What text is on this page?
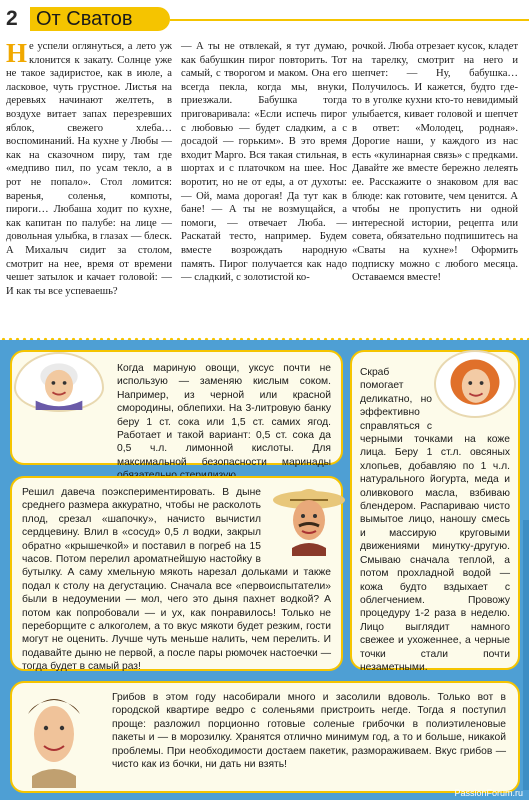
2 От Сватов
Не успели оглянуться, а лето уж клонится к закату. Солнце уже не такое задиристое, как в июле, а ласковое, чуть грустное. Листья на деревьях начинают желтеть, в воздухе витает запах перезревших яблок, свежего хлеба… воспоминаний. На кухне у Любы — как на сказочном пиру, там где «медпиво пил, по усам текло, а в рот не попало». Стол ломится: варенья, соленья, компоты, пироги… Любаша ходит по кухне, как капитан по палубе: на лице — довольная улыбка, в глазах — блеск. А Михалыч сидит за столом, смотрит на нее, время от времени чешет затылок и качает головой: — И как ты все успеваешь?
— А ты не отвлекай, я тут думаю, как бабушкин пирог повторить. Тот самый, с творогом и маком. Она его всегда пекла, когда мы, внуки, приезжали. Бабушка тогда приговаривала: «Если испечь пирог с любовью — будет сладким, а с досадой — горьким». В это время входит Марго. Вся такая стильная, в шортах и с платочком на шее. Нос воротит, но не от еды, а от духоты: — Ой, мама дорогая! Да тут как в бане! — А ты не возмущайся, а помоги, — отвечает Люба. — Раскатай тесто, например. Будем вместе возрождать народную память. Пирог получается как надо — сладкий, с золотистой ко-
рочкой. Люба отрезает кусок, кладет на тарелку, смотрит на него и шепчет: — Ну, бабушка… Получилось. И кажется, будто где-то в уголке кухни кто-то невидимый улыбается, кивает головой и шепчет в ответ: «Молодец, родная». Дорогие наши, у каждого из нас есть «кулинарная связь» с предками. Давайте же вместе бережно лелеять ее. Расскажите о знаковом для вас блюде: как готовите, чем ценится. А чтобы не пропустить ни одной интересной истории, рецепта или совета, обязательно подпишитесь на «Сваты на кухне»! Оформить подписку можно с любого месяца. Оставаемся вместе!

Когда мариную овощи, уксус почти не использую — заменяю кислым соком. Например, из черной или красной смородины, облепихи. На 3-литровую банку беру 1 ст. сока или 1,5 ст. самих ягод. Работает и такой вариант: 0,5 ст. сока да 0,5 ч.л. лимонной кислоты. Для максимальной безопасности маринады

Решил давеча поэкспериментировать. В дыне среднего размера аккуратно, чтобы не расколоть плод, срезал «шапочку», начисто вычистил сердцевину. Влил в «сосуд» 0,5 л водки, закрыл обратно «крышечкой» и поставил в погреб на 15 часов. Потом перелил ароматнейшую настойку в бутылку. А саму хмельную мякоть нарезал дольками и также подал к столу на дегустацию. Сначала все «первоиспытатели» были в недоумении — мол, чего это дыня пахнет водкой? А потом как попробовали — и ух, как понравилось! Только не переборщите с алкоголем, а то вкус мякоти будет резким, гости могут не оценить. Лучше чуть меньше налить, чем перелить. И подавайте дыню не первой, а после пары рюмочек настоечки — тогда будет в самый раз!

Скраб помогает деликатно, но эффективно справляться с черными точками на коже лица. Беру 1 ст.л. овсяных хлопьев, добавляю по 1 ч.л. натурального йогурта, меда и оливкового масла, взбиваю блендером. Распариваю чисто вымытое лицо, наношу смесь и массирую круговыми движениями минутку-другую. Смываю сначала теплой, а потом прохладной водой — кожа будто вздыхает с облегчением. Провожу процедуру 1-2 раза в неделю. Лицо выглядит намного свежее и ухоженнее, а черные точки стали почти незаметными.

Грибов в этом году насобирали много и засолили вдоволь. Только вот в городской квартире ведро с соленьями пристроить негде. Тогда я поступил проще: разложил порционно готовые соленые грибочки в полиэтиленовые пакеты и — в морозилку. Хранятся отлично минимум год, а то и больше, никакой проблемы. При необходимости достаем пакетик, размораживаем. Вкус грибов — чисто как из бочки, ни дать ни взять!

PassionForum.ru
